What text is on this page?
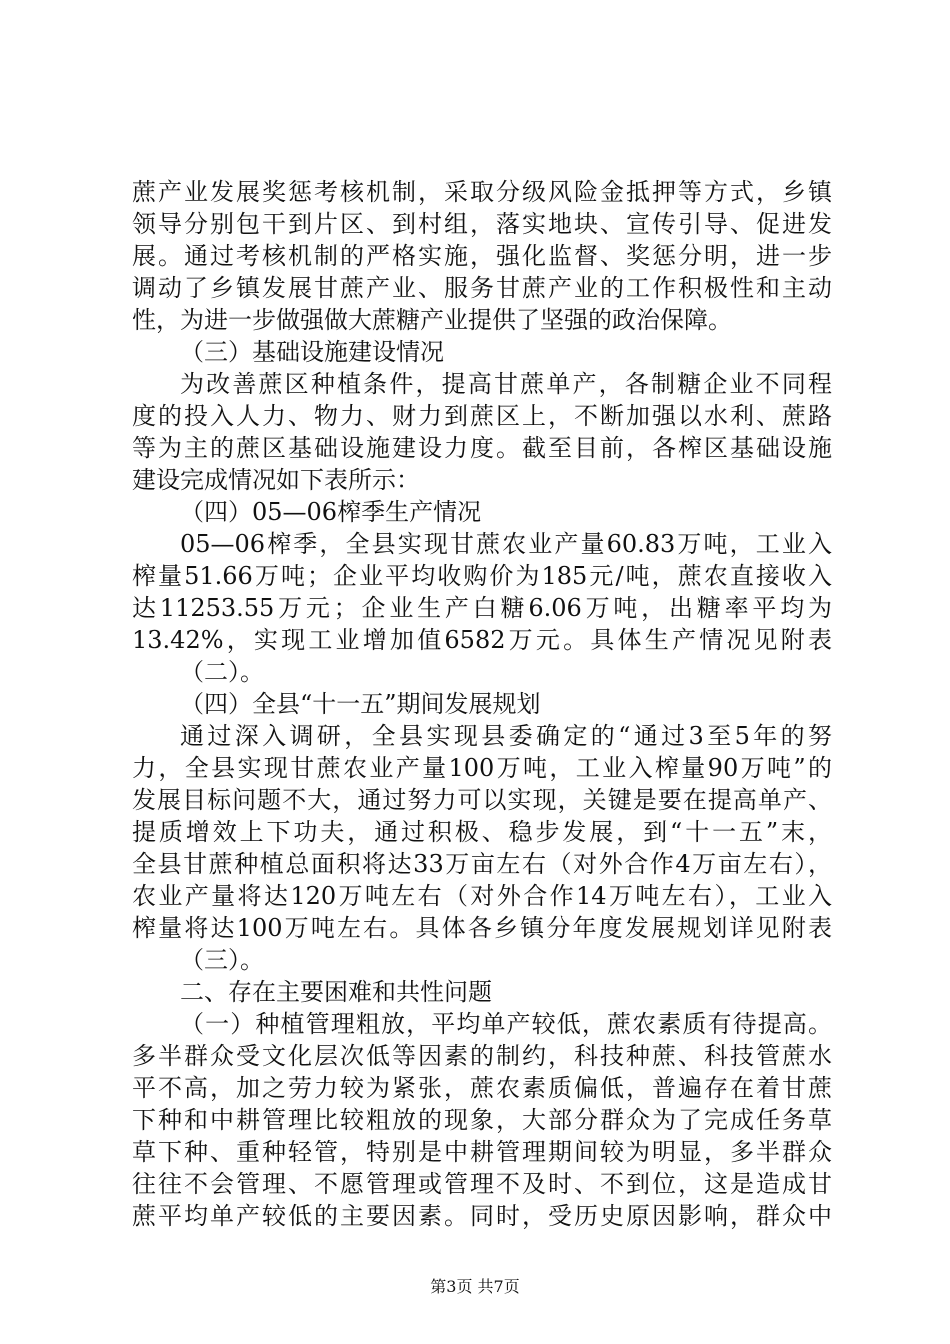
蔗产业发展奖惩考核机制，采取分级风险金抵押等方式，乡镇
领导分别包干到片区、到村组，落实地块、宣传引导、促进发
展。通过考核机制的严格实施，强化监督、奖惩分明，进一步
调动了乡镇发展甘蔗产业、服务甘蔗产业的工作积极性和主动
性，为进一步做强做大蔗糖产业提供了坚强的政治保障。
（三）基础设施建设情况
为改善蔗区种植条件，提高甘蔗单产，各制糖企业不同程
度的投入人力、物力、财力到蔗区上，不断加强以水利、蔗路
等为主的蔗区基础设施建设力度。截至目前，各榨区基础设施
建设完成情况如下表所示：
（四）05—06榨季生产情况
05—06榨季，全县实现甘蔗农业产量60.83万吨，工业入
榨量51.66万吨；企业平均收购价为185元/吨，蔗农直接收入
达11253.55万元；企业生产白糖6.06万吨，出糖率平均为
13.42%，实现工业增加值6582万元。具体生产情况见附表
（二）。
（四）全县“十一五”期间发展规划
通过深入调研，全县实现县委确定的“通过3至5年的努
力，全县实现甘蔗农业产量100万吨，工业入榨量90万吨”的
发展目标问题不大，通过努力可以实现，关键是要在提高单产、
提质增效上下功夫，通过积极、稳步发展，到“十一五”末，
全县甘蔗种植总面积将达33万亩左右（对外合作4万亩左右），
农业产量将达120万吨左右（对外合作14万吨左右），工业入
榨量将达100万吨左右。具体各乡镇分年度发展规划详见附表
（三）。
二、存在主要困难和共性问题
（一）种植管理粗放，平均单产较低，蔗农素质有待提高。
多半群众受文化层次低等因素的制约，科技种蔗、科技管蔗水
平不高，加之劳力较为紧张，蔗农素质偏低，普遍存在着甘蔗
下种和中耕管理比较粗放的现象，大部分群众为了完成任务草
草下种、重种轻管，特别是中耕管理期间较为明显，多半群众
往往不会管理、不愿管理或管理不及时、不到位，这是造成甘
蔗平均单产较低的主要因素。同时，受历史原因影响，群众中
第3页 共7页
